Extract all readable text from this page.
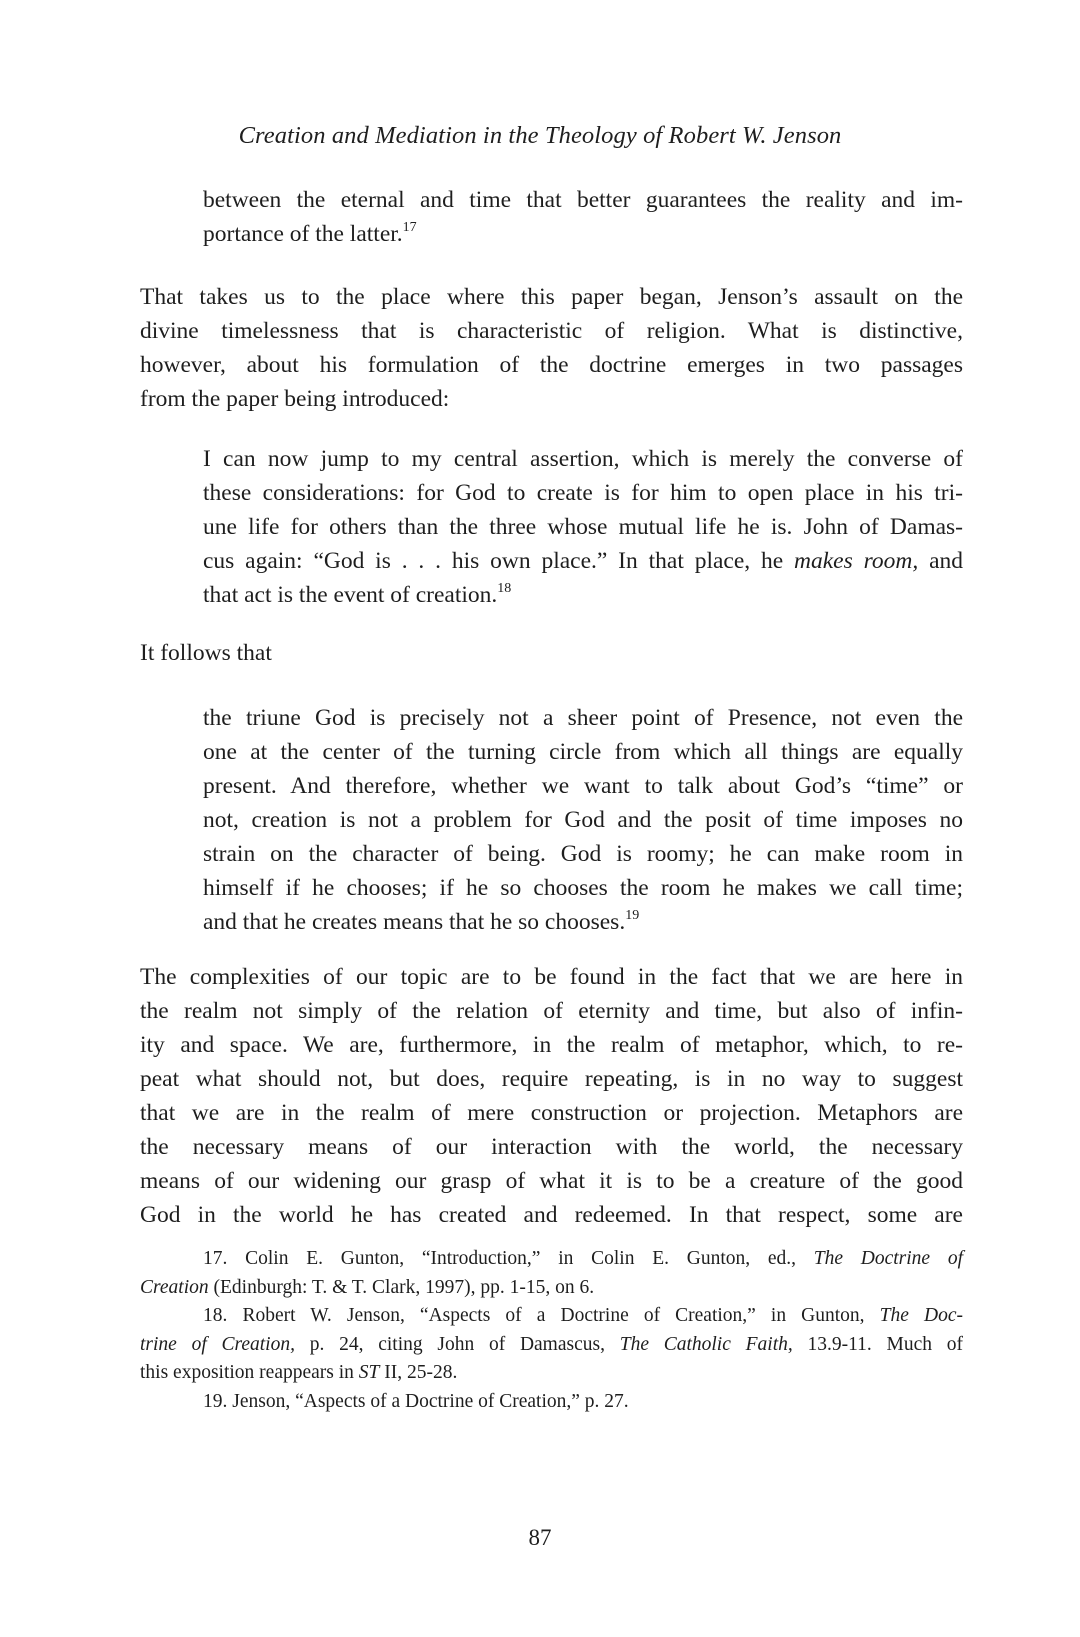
Creation and Mediation in the Theology of Robert W. Jenson
between the eternal and time that better guarantees the reality and im-
portance of the latter.$^{17}$
That takes us to the place where this paper began, Jenson’s assault on the
divine timelessness that is characteristic of religion. What is distinctive,
however, about his formulation of the doctrine emerges in two passages
from the paper being introduced:
I can now jump to my central assertion, which is merely the converse of
these considerations: for God to create is for him to open place in his tri-
une life for others than the three whose mutual life he is. John of Damas-
cus again: “God is . . . his own place.” In that place, he makes room, and
that act is the event of creation.$^{18}$
It follows that
the triune God is precisely not a sheer point of Presence, not even the
one at the center of the turning circle from which all things are equally
present. And therefore, whether we want to talk about God’s “time” or
not, creation is not a problem for God and the posit of time imposes no
strain on the character of being. God is roomy; he can make room in
himself if he chooses; if he so chooses the room he makes we call time;
and that he creates means that he so chooses.$^{19}$
The complexities of our topic are to be found in the fact that we are here in
the realm not simply of the relation of eternity and time, but also of infin-
ity and space. We are, furthermore, in the realm of metaphor, which, to re-
peat what should not, but does, require repeating, is in no way to suggest
that we are in the realm of mere construction or projection. Metaphors are
the necessary means of our interaction with the world, the necessary
means of our widening our grasp of what it is to be a creature of the good
God in the world he has created and redeemed. In that respect, some are
17. Colin E. Gunton, “Introduction,” in Colin E. Gunton, ed., The Doctrine of
Creation (Edinburgh: T. & T. Clark, 1997), pp. 1-15, on 6.
18. Robert W. Jenson, “Aspects of a Doctrine of Creation,” in Gunton, The Doc-
trine of Creation, p. 24, citing John of Damascus, The Catholic Faith, 13.9-11. Much of
this exposition reappears in ST II, 25-28.
19. Jenson, “Aspects of a Doctrine of Creation,” p. 27.
87
